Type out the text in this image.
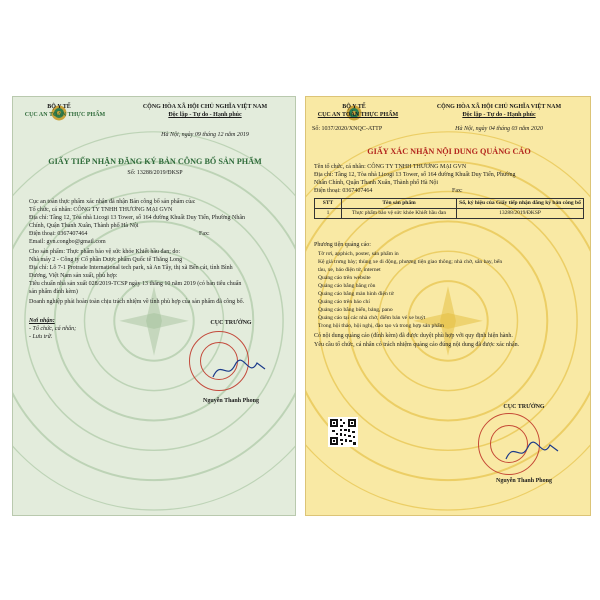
BỘ Y TẾ
CỤC AN TOÀN THỰC PHẨM
CỘNG HÒA XÃ HỘI CHỦ NGHĨA VIỆT NAM
Độc lập - Tự do - Hạnh phúc
Hà Nội, ngày 09 tháng 12 năm 2019
GIẤY TIẾP NHẬN ĐĂNG KÝ BẢN CÔNG BỐ SẢN PHẨM
Số: 13288/2019/ĐKSP
Cục an toàn thực phẩm xác nhận đã nhận Bản công bố sản phẩm của:
Tổ chức, cá nhân: CÔNG TY TNHH THƯƠNG MẠI GVN
Địa chỉ: Tầng 12, Tòa nhà Licogi 13 Tower, số 164 đường Khuất Duy Tiến, Phường Nhân
Chính, Quận Thanh Xuân, Thành phố Hà Nội
Điện thoại: 0367407464	Fax:
Email: gvn.congbo@gmail.com
Cho sản phẩm: Thực phẩm bảo vệ sức khỏe Khiết hầu đan; do:
Nhà máy 2 - Công ty Cổ phần Dược phẩm Quốc tế Thăng Long
Địa chỉ: Lô 7-1 Protrade International tech park, xã An Tây, thị xã Bến cát, tỉnh Bình
Dương, Việt Nam sản xuất, phù hợp:
Tiêu chuẩn nhà sản xuất 028/2019-TCSP ngày 13 tháng 10 năm 2019 (có bản tiêu chuẩn
sản phẩm đính kèm)
Doanh nghiệp phải hoàn toàn chịu trách nhiệm về tính phù hợp của sản phẩm đã công bố.
Nơi nhận:
- Tổ chức, cá nhân;
- Lưu trữ.
CỤC TRƯỞNG
Nguyễn Thanh Phong
BỘ Y TẾ
CỤC AN TOÀN THỰC PHẨM
Số: 1037/2020/XNQC-ATTP
CỘNG HÒA XÃ HỘI CHỦ NGHĨA VIỆT NAM
Độc lập - Tự do - Hạnh phúc
Hà Nội, ngày 04 tháng 03 năm 2020
GIẤY XÁC NHẬN NỘI DUNG QUẢNG CÁO
Tên tổ chức, cá nhân: CÔNG TY TNHH THƯƠNG MẠI GVN
Địa chỉ: Tầng 12, Tòa nhà Licogi 13 Tower, số 164 đường Khuất Duy Tiến, Phường
Nhân Chính, Quận Thanh Xuân, Thành phố Hà Nội
Điện thoại: 0367407464	Fax:
STT	Tên sản phẩm	Số, ký hiệu của Giấy tiếp nhận đăng ký bản công bố
1	Thực phẩm bảo vệ sức khỏe Khiết hầu đan	13288/2019/ĐKSP
Phương tiện quảng cáo:
Tờ rơi, apphich, poster, sản phẩm in
Kệ giá trưng bày; thùng xe di động, phương tiện giao thông; nhà chờ, sân bay, bến
tàu, xe, báo điện tử, internet
Quảng cáo trên website
Quảng cáo bằng băng rôn
Quảng cáo bằng màn hình điện tử
Quảng cáo trên báo chí
Quảng cáo bằng biển, bảng, pano
Quảng cáo tại các nhà chờ, điểm bán vé xe buýt
Trong hội thảo, hội nghị, đào tạo và trong hợp sản phẩm
Có nội dung quảng cáo (đính kèm) đã được duyệt phù hợp với quy định hiện hành.
Yêu cầu tổ chức, cá nhân có trách nhiệm quảng cáo đúng nội dung đã được xác nhận.
CỤC TRƯỞNG
Nguyễn Thanh Phong
